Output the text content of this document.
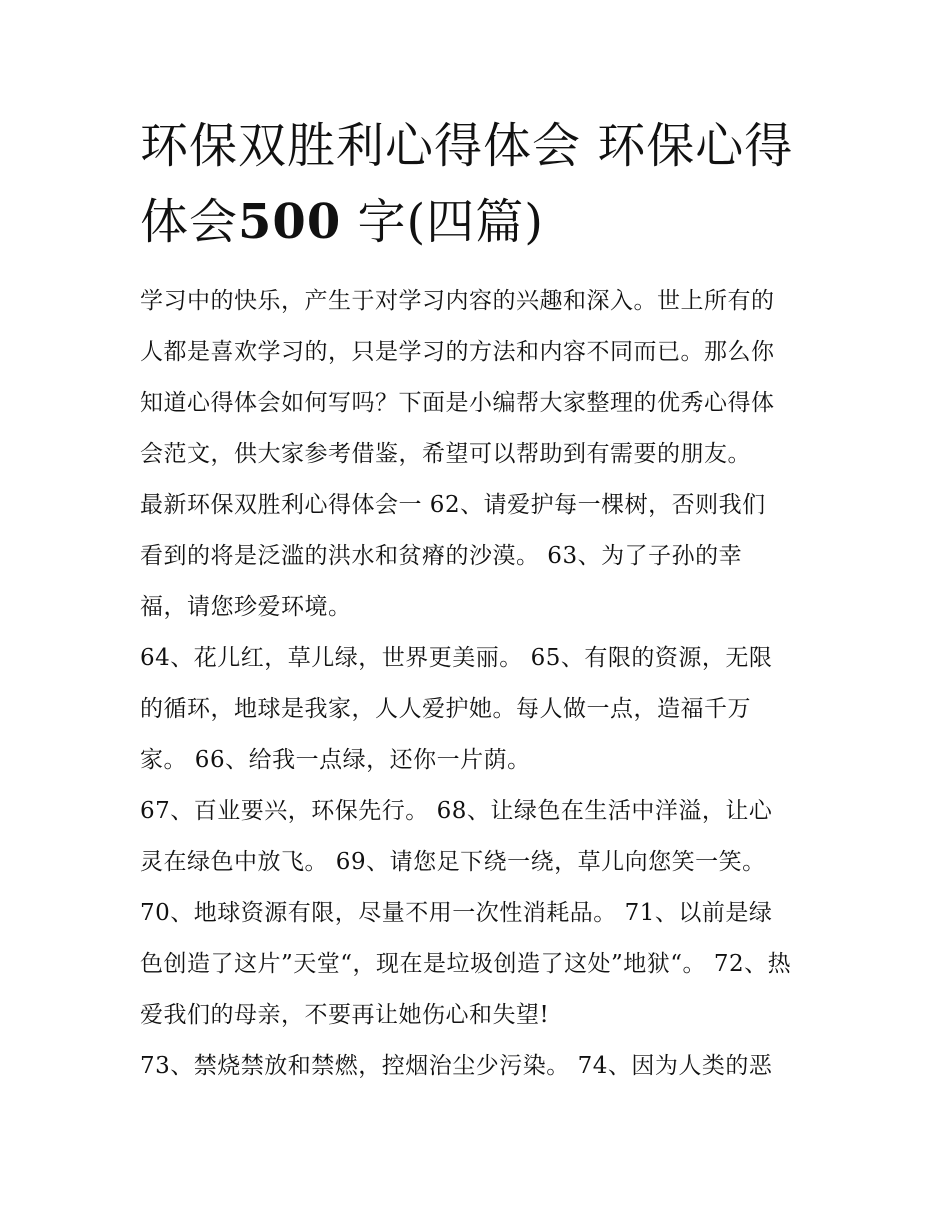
环保双胜利心得体会 环保心得
体会500 字(四篇)

学习中的快乐，产生于对学习内容的兴趣和深入。世上所有的
人都是喜欢学习的，只是学习的方法和内容不同而已。那么你
知道心得体会如何写吗？下面是小编帮大家整理的优秀心得体
会范文，供大家参考借鉴，希望可以帮助到有需要的朋友。

最新环保双胜利心得体会一 62、请爱护每一棵树，否则我们
看到的将是泛滥的洪水和贫瘠的沙漠。 63、为了子孙的幸
福，请您珍爱环境。

64、花儿红，草儿绿，世界更美丽。 65、有限的资源，无限
的循环，地球是我家，人人爱护她。每人做一点，造福千万
家。 66、给我一点绿，还你一片荫。

67、百业要兴，环保先行。 68、让绿色在生活中洋溢，让心
灵在绿色中放飞。 69、请您足下绕一绕，草儿向您笑一笑。

70、地球资源有限，尽量不用一次性消耗品。 71、以前是绿
色创造了这片”天堂“，现在是垃圾创造了这处”地狱“。 72、热
爱我们的母亲，不要再让她伤心和失望!

73、禁烧禁放和禁燃，控烟治尘少污染。 74、因为人类的恶
